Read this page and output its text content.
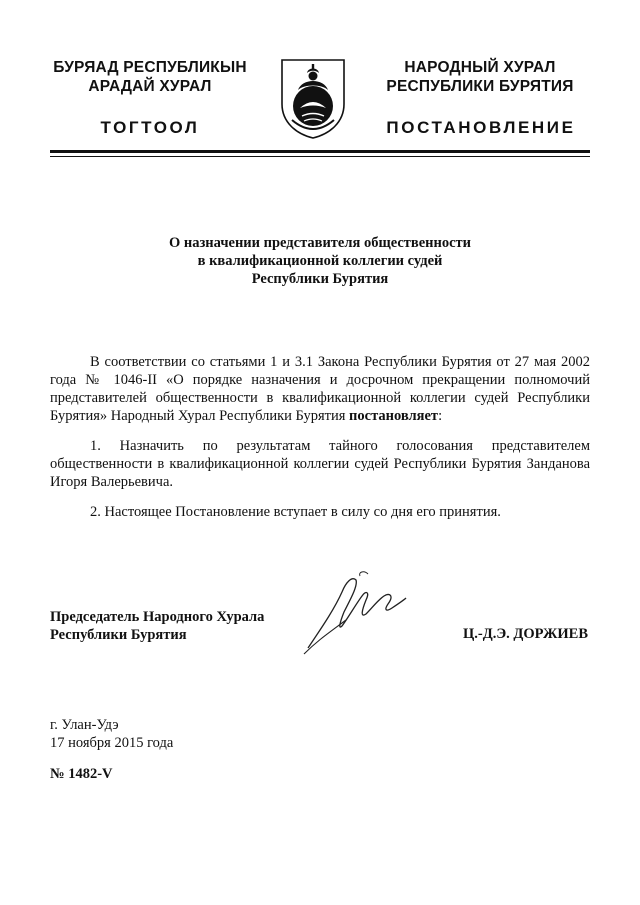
БУРЯАД РЕСПУБЛИКЫН
АРАДАЙ ХУРАЛ
НАРОДНЫЙ ХУРАЛ
РЕСПУБЛИКИ БУРЯТИЯ
ТОГТООЛ	ПОСТАНОВЛЕНИЕ
О назначении представителя общественности
в квалификационной коллегии судей
Республики Бурятия

В соответствии со статьями 1 и 3.1 Закона Республики Бурятия от 27 мая 2002 года № 1046-II «О порядке назначения и досрочном прекращении полномочий представителей общественности в квалификационной коллегии судей Республики Бурятия» Народный Хурал Республики Бурятия постановляет:

1. Назначить по результатам тайного голосования представителем общественности в квалификационной коллегии судей Республики Бурятия Занданова Игоря Валерьевича.

2. Настоящее Постановление вступает в силу со дня его принятия.

Председатель Народного Хурала
Республики Бурятия	Ц.-Д.Э. ДОРЖИЕВ
г. Улан-Удэ
17 ноября 2015 года
№ 1482-V
